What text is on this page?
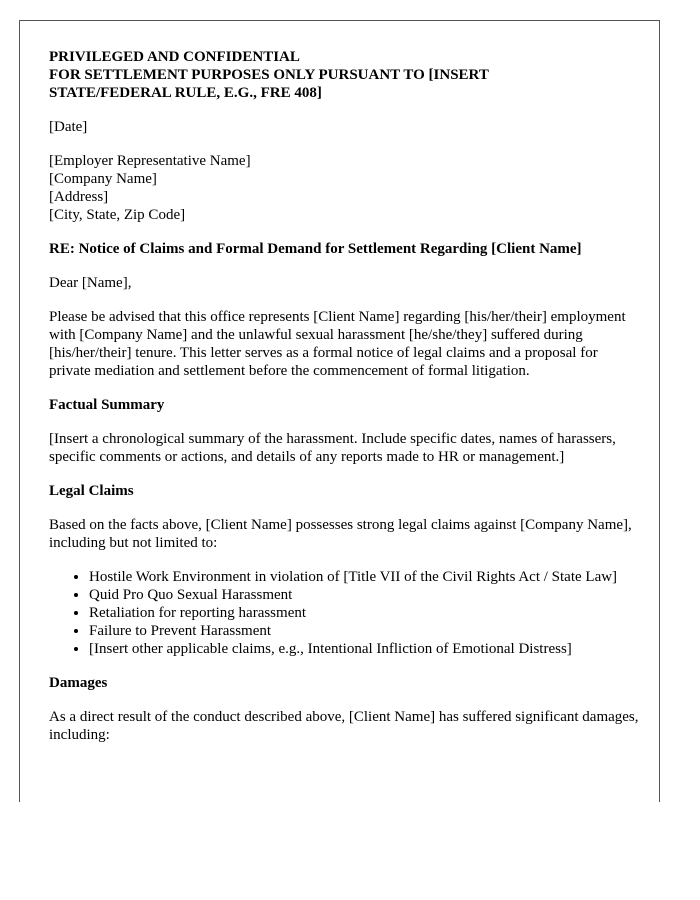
PRIVILEGED AND CONFIDENTIAL

FOR SETTLEMENT PURPOSES ONLY PURSUANT TO [INSERT STATE/FEDERAL RULE, E.G., FRE 408]

[Date]

[Employer Representative Name]

[Company Name]

[Address]

[City, State, Zip Code]

RE: Notice of Claims and Formal Demand for Settlement Regarding [Client Name]

Dear [Name],

Please be advised that this office represents [Client Name] regarding [his/her/their] employment with [Company Name] and the unlawful sexual harassment [he/she/they] suffered during [his/her/their] tenure. This letter serves as a formal notice of legal claims and a proposal for private mediation and settlement before the commencement of formal litigation.

Factual Summary

[Insert a chronological summary of the harassment. Include specific dates, names of harassers, specific comments or actions, and details of any reports made to HR or management.]

Legal Claims

Based on the facts above, [Client Name] possesses strong legal claims against [Company Name], including but not limited to:

• Hostile Work Environment in violation of [Title VII of the Civil Rights Act / State Law]
• Quid Pro Quo Sexual Harassment
• Retaliation for reporting harassment
• Failure to Prevent Harassment
• [Insert other applicable claims, e.g., Intentional Infliction of Emotional Distress]

Damages

As a direct result of the conduct described above, [Client Name] has suffered significant damages, including:
